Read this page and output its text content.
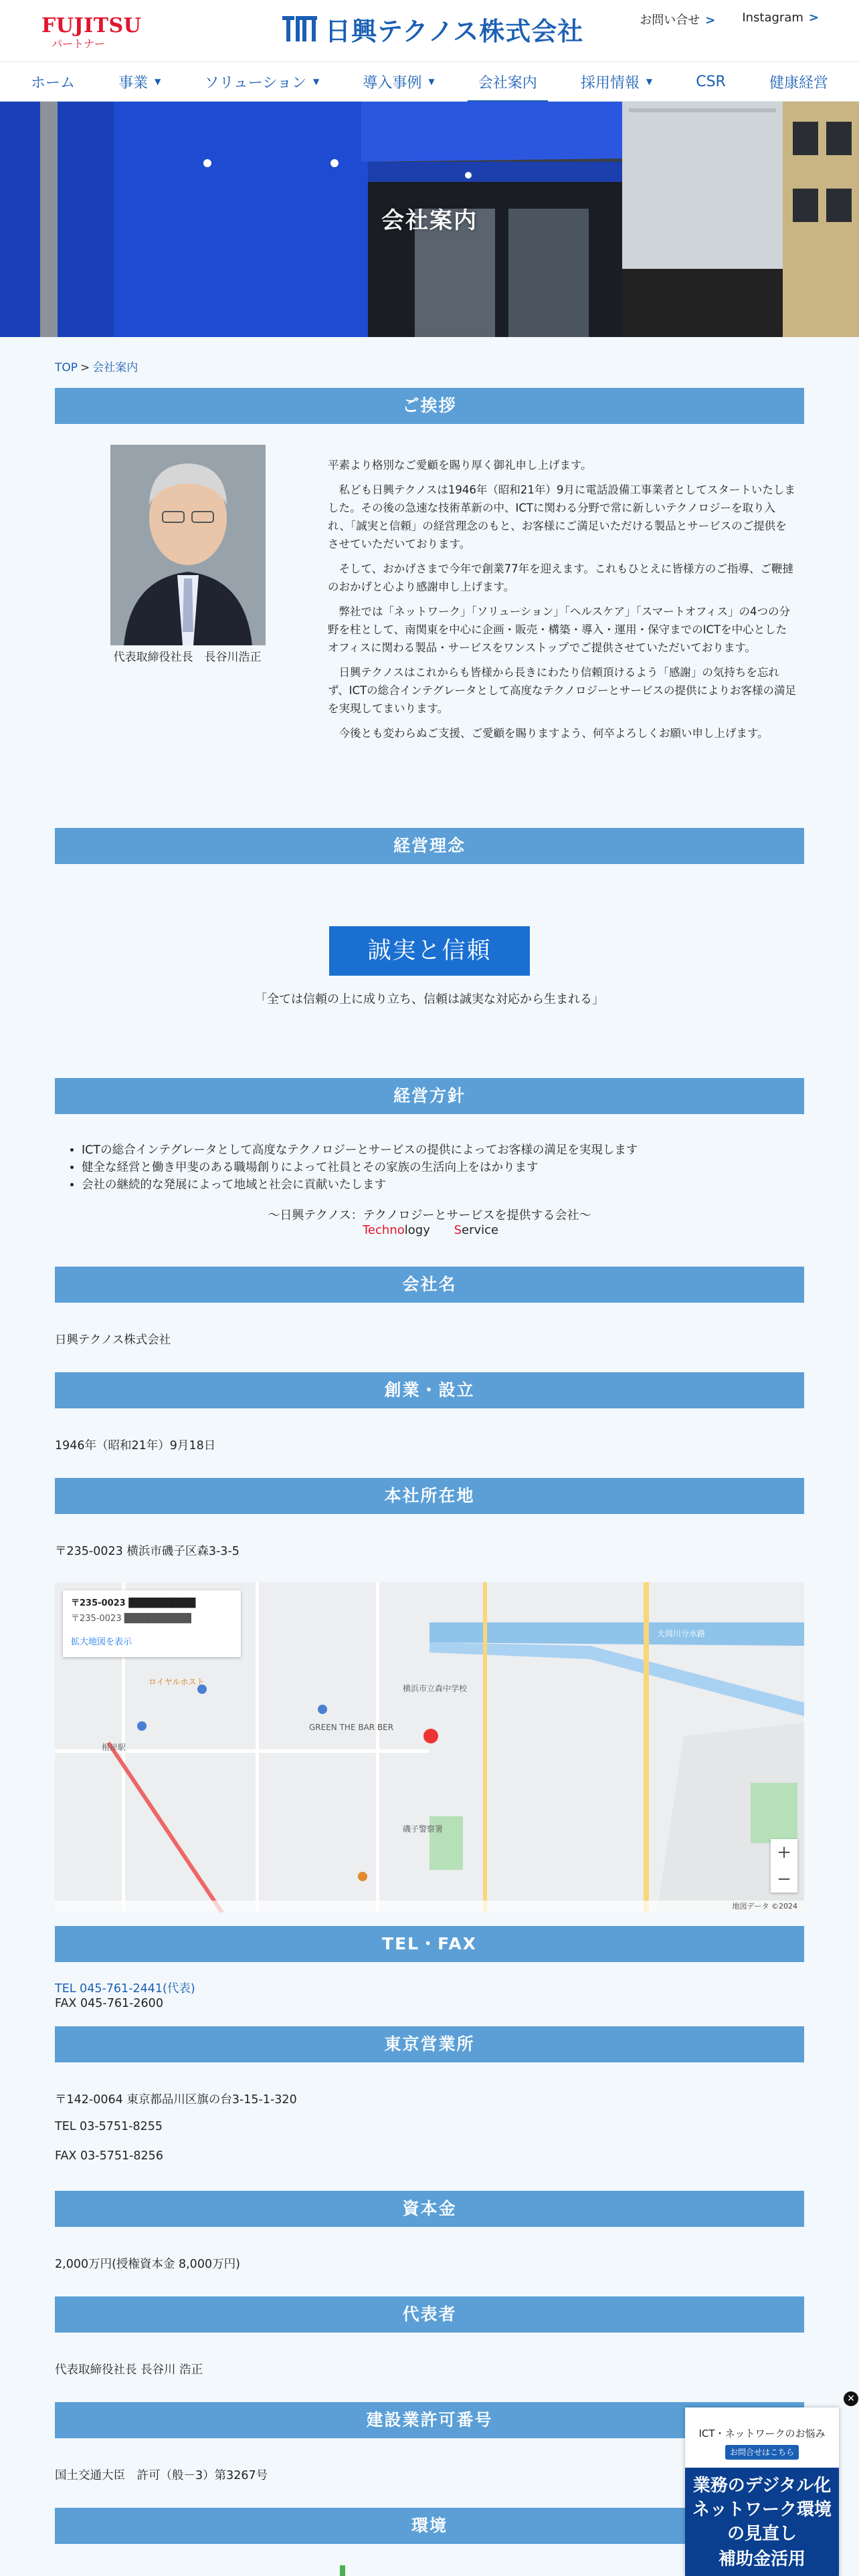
FUJITSU
パートナー	日興テクノス株式会社	お問い合せ > Instagram >
ホーム	事業 ▼	ソリューション ▼	導入事例 ▼	会社案内	採用情報 ▼	CSR	健康経営
会社案内
TOP > 会社案内
ご挨拶
代表取締役社長　長谷川浩正

平素より格別なご愛顧を賜り厚く御礼申し上げます。

私ども日興テクノスは1946年（昭和21年）9月に電話設備工事業者としてスタートいたしました。その後の急速な技術革新の中、ICTに関わる分野で常に新しいテクノロジーを取り入れ、「誠実と信頼」の経営理念のもと、お客様にご満足いただける製品とサービスのご提供をさせていただいております。

そして、おかげさまで今年で創業77年を迎えます。これもひとえに皆様方のご指導、ご鞭撻のおかげと心より感謝申し上げます。

弊社では「ネットワーク」「ソリューション」「ヘルスケア」「スマートオフィス」の4つの分野を柱として、南関東を中心に企画・販売・構築・導入・運用・保守までのICTを中心としたオフィスに関わる製品・サービスをワンストップでご提供させていただいております。

日興テクノスはこれからも皆様から長きにわたり信頼頂けるよう「感謝」の気持ちを忘れず、ICTの総合インテグレータとして高度なテクノロジーとサービスの提供によりお客様の満足を実現してまいります。

今後とも変わらぬご支援、ご愛顧を賜りますよう、何卒よろしくお願い申し上げます。

経営理念
誠実と信頼
「全ては信頼の上に成り立ち、信頼は誠実な対応から生まれる」
経営方針
• ICTの総合インテグレータとして高度なテクノロジーとサービスの提供によってお客様の満足を実現します
• 健全な経営と働き甲斐のある職場創りによって社員とその家族の生活向上をはかります
• 会社の継続的な発展によって地域と社会に貢献いたします
〜日興テクノス：テクノロジーとサービスを提供する会社〜
Technology Service
会社名
日興テクノス株式会社
創業・設立
1946年（昭和21年）9月18日
本社所在地
〒235-0023 横浜市磯子区森3-3-5
〒235-0023 ██████████
〒235-0023 ██████████
拡大地図を表示
大岡川分水路
横浜市立森中学校
根岸駅
GREEN THE BAR BER
磯子警察署
ロイヤルホスト
+
−
地図データ ©2024
TEL・FAX
TEL 045-761-2441(代表)
FAX 045-761-2600
東京営業所
〒142-0064 東京都品川区旗の台3-15-1-320
TEL 03-5751-8255
FAX 03-5751-8256
資本金
2,000万円(授権資本金 8,000万円)
代表者
代表取締役社長 長谷川 浩正
建設業許可番号
国土交通大臣　許可（般－3）第3267号
環境
✕
ICT・ネットワークのお悩み
お問合せはこちら
業務のデジタル化
ネットワーク環境
の見直し
補助金活用
